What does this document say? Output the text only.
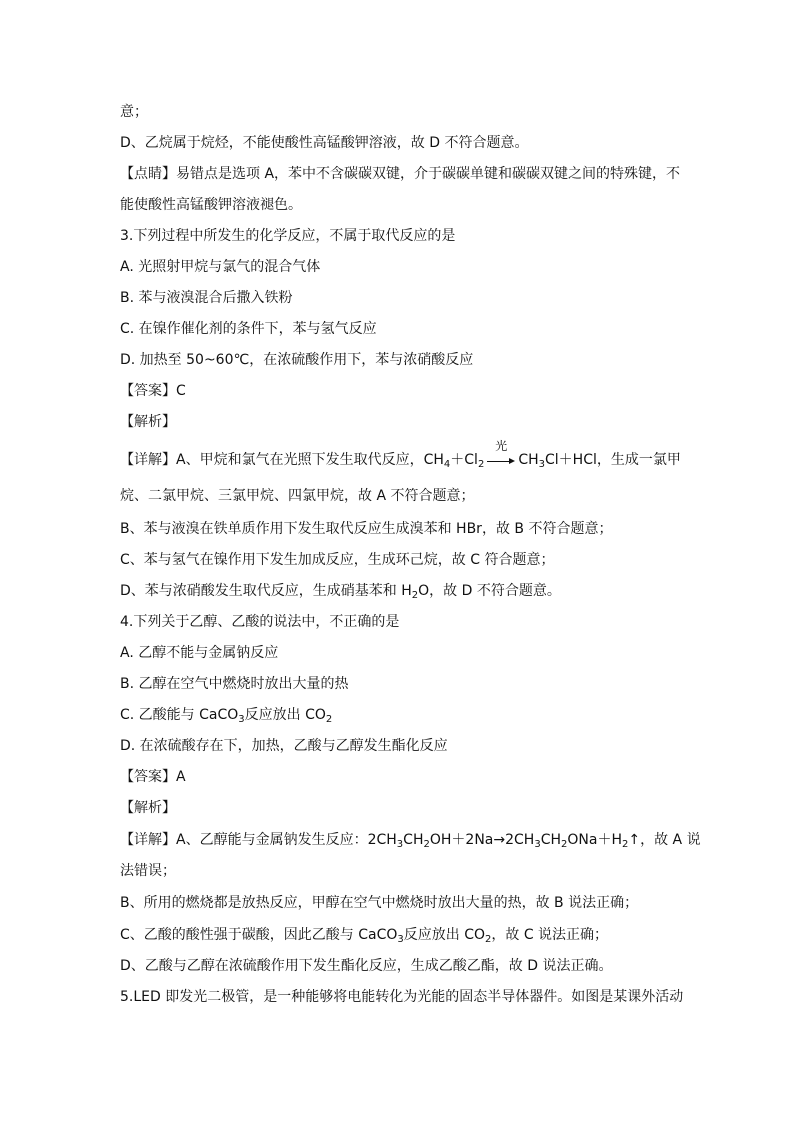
意；
D、乙烷属于烷烃，不能使酸性高锰酸钾溶液，故 D 不符合题意。
【点睛】易错点是选项 A，苯中不含碳碳双键，介于碳碳单键和碳碳双键之间的特殊键，不
能使酸性高锰酸钾溶液褪色。
3.下列过程中所发生的化学反应，不属于取代反应的是
A. 光照射甲烷与氯气的混合气体
B. 苯与液溴混合后撒入铁粉
C. 在镍作催化剂的条件下，苯与氢气反应
D. 加热至 50~60℃，在浓硫酸作用下，苯与浓硝酸反应
【答案】C
【解析】
【详解】A、甲烷和氯气在光照下发生取代反应，$CH_4+Cl_2$
光
$CH_3Cl+HCl$，生成一氯甲
烷、二氯甲烷、三氯甲烷、四氯甲烷，故 A 不符合题意；
B、苯与液溴在铁单质作用下发生取代反应生成溴苯和 HBr，故 B 不符合题意；
C、苯与氢气在镍作用下发生加成反应，生成环己烷，故 C 符合题意；
D、苯与浓硝酸发生取代反应，生成硝基苯和 $H_2O$，故 D 不符合题意。
4.下列关于乙醇、乙酸的说法中，不正确的是
A. 乙醇不能与金属钠反应
B. 乙醇在空气中燃烧时放出大量的热
C. 乙酸能与 CaCO$_3$反应放出 $CO_2$
D. 在浓硫酸存在下，加热，乙酸与乙醇发生酯化反应
【答案】A
【解析】
【详解】A、乙醇能与金属钠发生反应：$2CH_3CH_2OH+2Na\to 2CH_3CH_2ONa+H_2↑$，故 A 说
法错误；
B、所用的燃烧都是放热反应，甲醇在空气中燃烧时放出大量的热，故 B 说法正确；
C、乙酸的酸性强于碳酸，因此乙酸与 CaCO$_3$反应放出 $CO_2$，故 C 说法正确；
D、乙酸与乙醇在浓硫酸作用下发生酯化反应，生成乙酸乙酯，故 D 说法正确。
5.LED 即发光二极管，是一种能够将电能转化为光能的固态半导体器件。如图是某课外活动
